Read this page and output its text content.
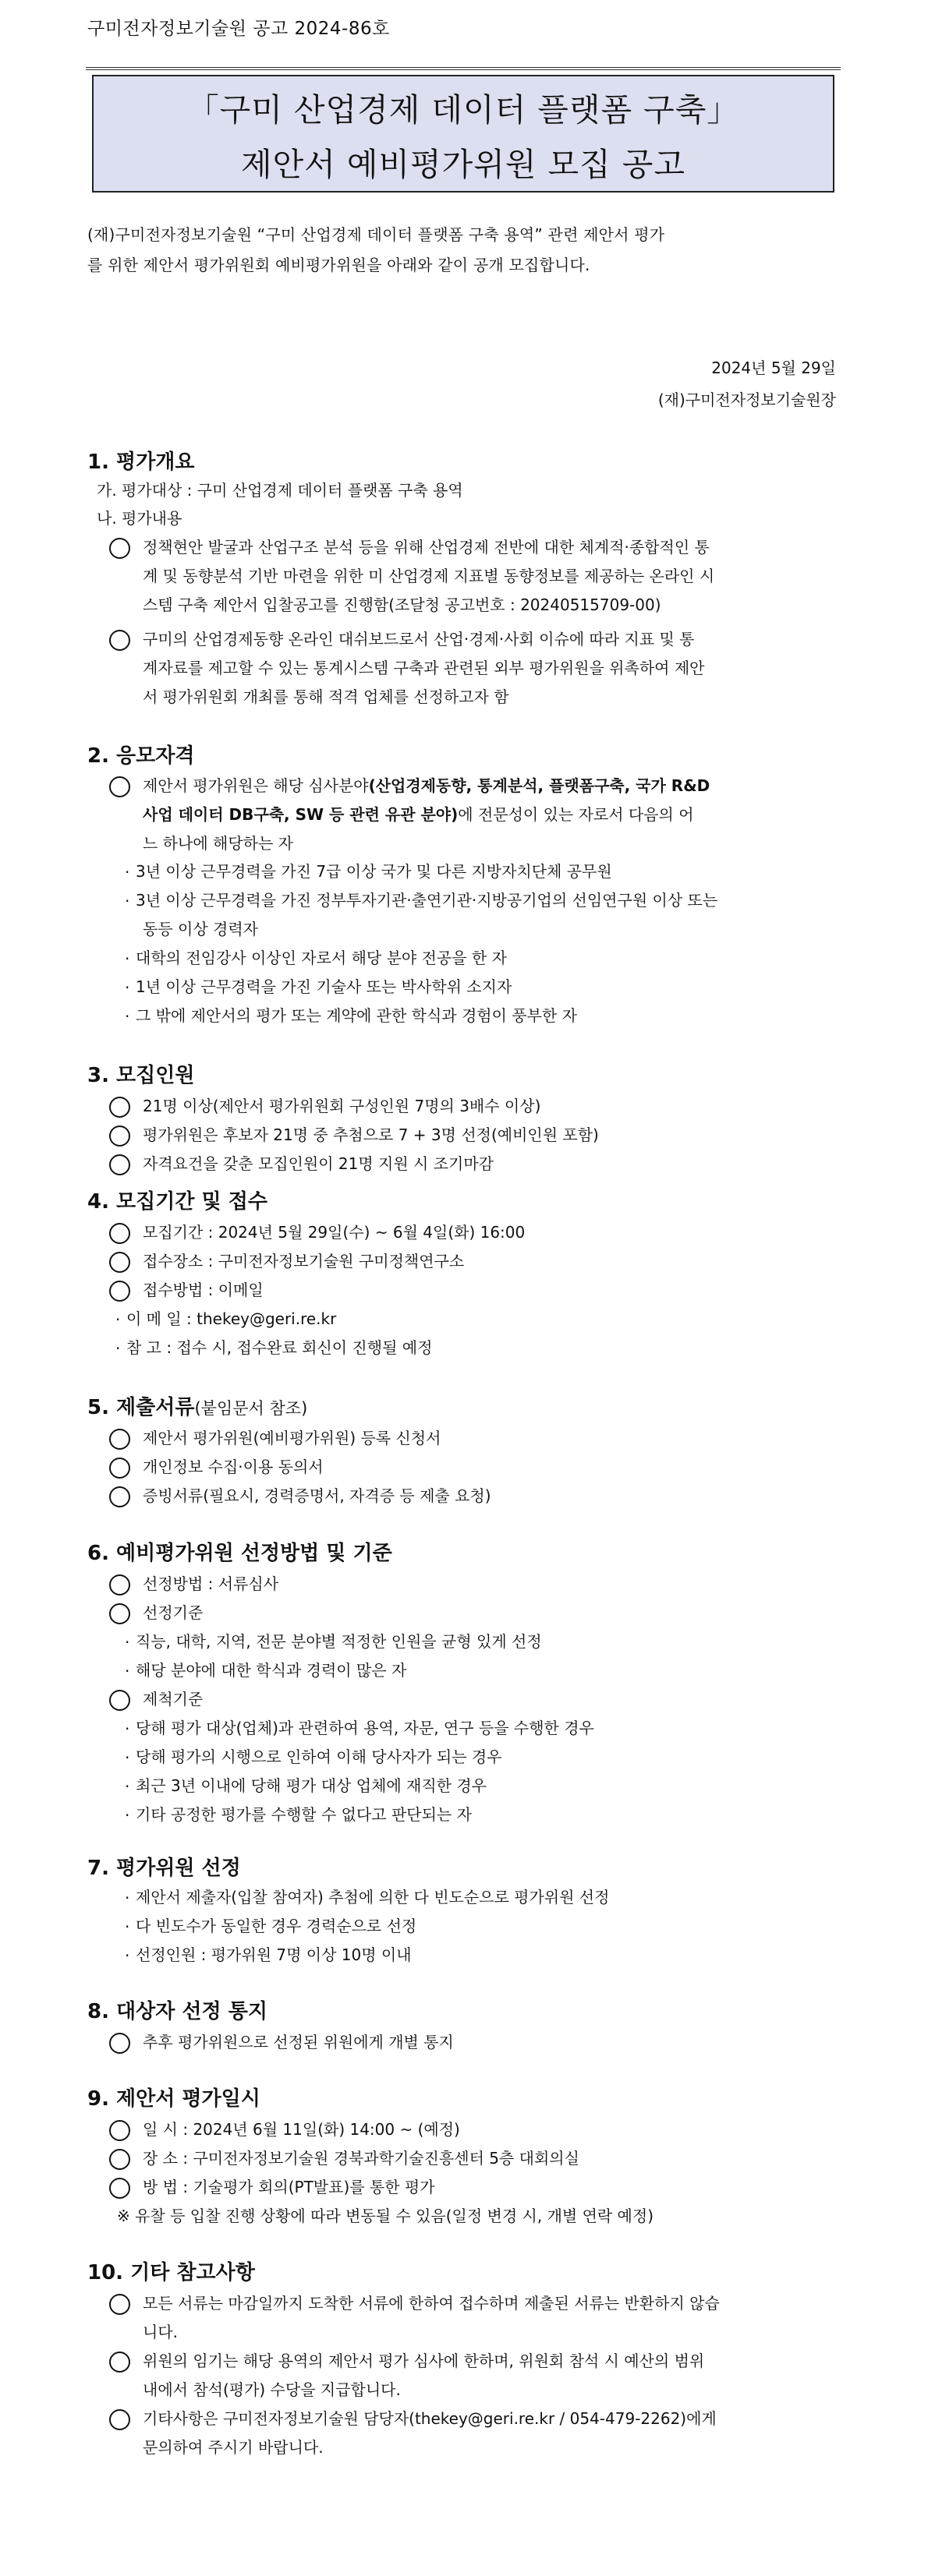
구미전자정보기술원 공고 2024-86호
「구미 산업경제 데이터 플랫폼 구축」
제안서 예비평가위원 모집 공고
(재)구미전자정보기술원 “구미 산업경제 데이터 플랫폼 구축 용역” 관련 제안서 평가
를 위한 제안서 평가위원회 예비평가위원을 아래와 같이 공개 모집합니다.
2024년 5월 29일
(재)구미전자정보기술원장
1. 평가개요
가. 평가대상 : 구미 산업경제 데이터 플랫폼 구축 용역
나. 평가내용
정책현안 발굴과 산업구조 분석 등을 위해 산업경제 전반에 대한 체계적·종합적인 통
계 및 동향분석 기반 마련을 위한 미 산업경제 지표별 동향정보를 제공하는 온라인 시
스템 구축 제안서 입찰공고를 진행함(조달청 공고번호 : 20240515709-00)
구미의 산업경제동향 온라인 대쉬보드로서 산업·경제·사회 이슈에 따라 지표 및 통
계자료를 제고할 수 있는 통계시스템 구축과 관련된 외부 평가위원을 위촉하여 제안
서 평가위원회 개최를 통해 적격 업체를 선정하고자 함
2. 응모자격
제안서 평가위원은 해당 심사분야(산업경제동향, 통계분석, 플랫폼구축, 국가 R&D
사업 데이터 DB구축, SW 등 관련 유관 분야)에 전문성이 있는 자로서 다음의 어
느 하나에 해당하는 자
· 3년 이상 근무경력을 가진 7급 이상 국가 및 다른 지방자치단체 공무원
· 3년 이상 근무경력을 가진 정부투자기관·출연기관·지방공기업의 선임연구원 이상 또는
동등 이상 경력자
· 대학의 전임강사 이상인 자로서 해당 분야 전공을 한 자
· 1년 이상 근무경력을 가진 기술사 또는 박사학위 소지자
· 그 밖에 제안서의 평가 또는 계약에 관한 학식과 경험이 풍부한 자
3. 모집인원
21명 이상(제안서 평가위원회 구성인원 7명의 3배수 이상)
평가위원은 후보자 21명 중 추첨으로 7 + 3명 선정(예비인원 포함)
자격요건을 갖춘 모집인원이 21명 지원 시 조기마감
4. 모집기간 및 접수
모집기간 : 2024년 5월 29일(수) ~ 6월 4일(화) 16:00
접수장소 : 구미전자정보기술원 구미정책연구소
접수방법 : 이메일
· 이 메 일 : thekey@geri.re.kr
· 참 고 : 접수 시, 접수완료 회신이 진행될 예정
5. 제출서류(붙임문서 참조)
제안서 평가위원(예비평가위원) 등록 신청서
개인정보 수집·이용 동의서
증빙서류(필요시, 경력증명서, 자격증 등 제출 요청)
6. 예비평가위원 선정방법 및 기준
선정방법 : 서류심사
선정기준
· 직능, 대학, 지역, 전문 분야별 적정한 인원을 균형 있게 선정
· 해당 분야에 대한 학식과 경력이 많은 자
제척기준
· 당해 평가 대상(업체)과 관련하여 용역, 자문, 연구 등을 수행한 경우
· 당해 평가의 시행으로 인하여 이해 당사자가 되는 경우
· 최근 3년 이내에 당해 평가 대상 업체에 재직한 경우
· 기타 공정한 평가를 수행할 수 없다고 판단되는 자
7. 평가위원 선정
· 제안서 제출자(입찰 참여자) 추첨에 의한 다 빈도순으로 평가위원 선정
· 다 빈도수가 동일한 경우 경력순으로 선정
· 선정인원 : 평가위원 7명 이상 10명 이내
8. 대상자 선정 통지
추후 평가위원으로 선정된 위원에게 개별 통지
9. 제안서 평가일시
일 시 : 2024년 6월 11일(화) 14:00 ~ (예정)
장 소 : 구미전자정보기술원 경북과학기술진흥센터 5층 대회의실
방 법 : 기술평가 회의(PT발표)를 통한 평가
※ 유찰 등 입찰 진행 상황에 따라 변동될 수 있음(일정 변경 시, 개별 연락 예정)
10. 기타 참고사항
모든 서류는 마감일까지 도착한 서류에 한하여 접수하며 제출된 서류는 반환하지 않습
니다.
위원의 임기는 해당 용역의 제안서 평가 심사에 한하며, 위원회 참석 시 예산의 범위
내에서 참석(평가) 수당을 지급합니다.
기타사항은 구미전자정보기술원 담당자(thekey@geri.re.kr / 054-479-2262)에게
문의하여 주시기 바랍니다.
